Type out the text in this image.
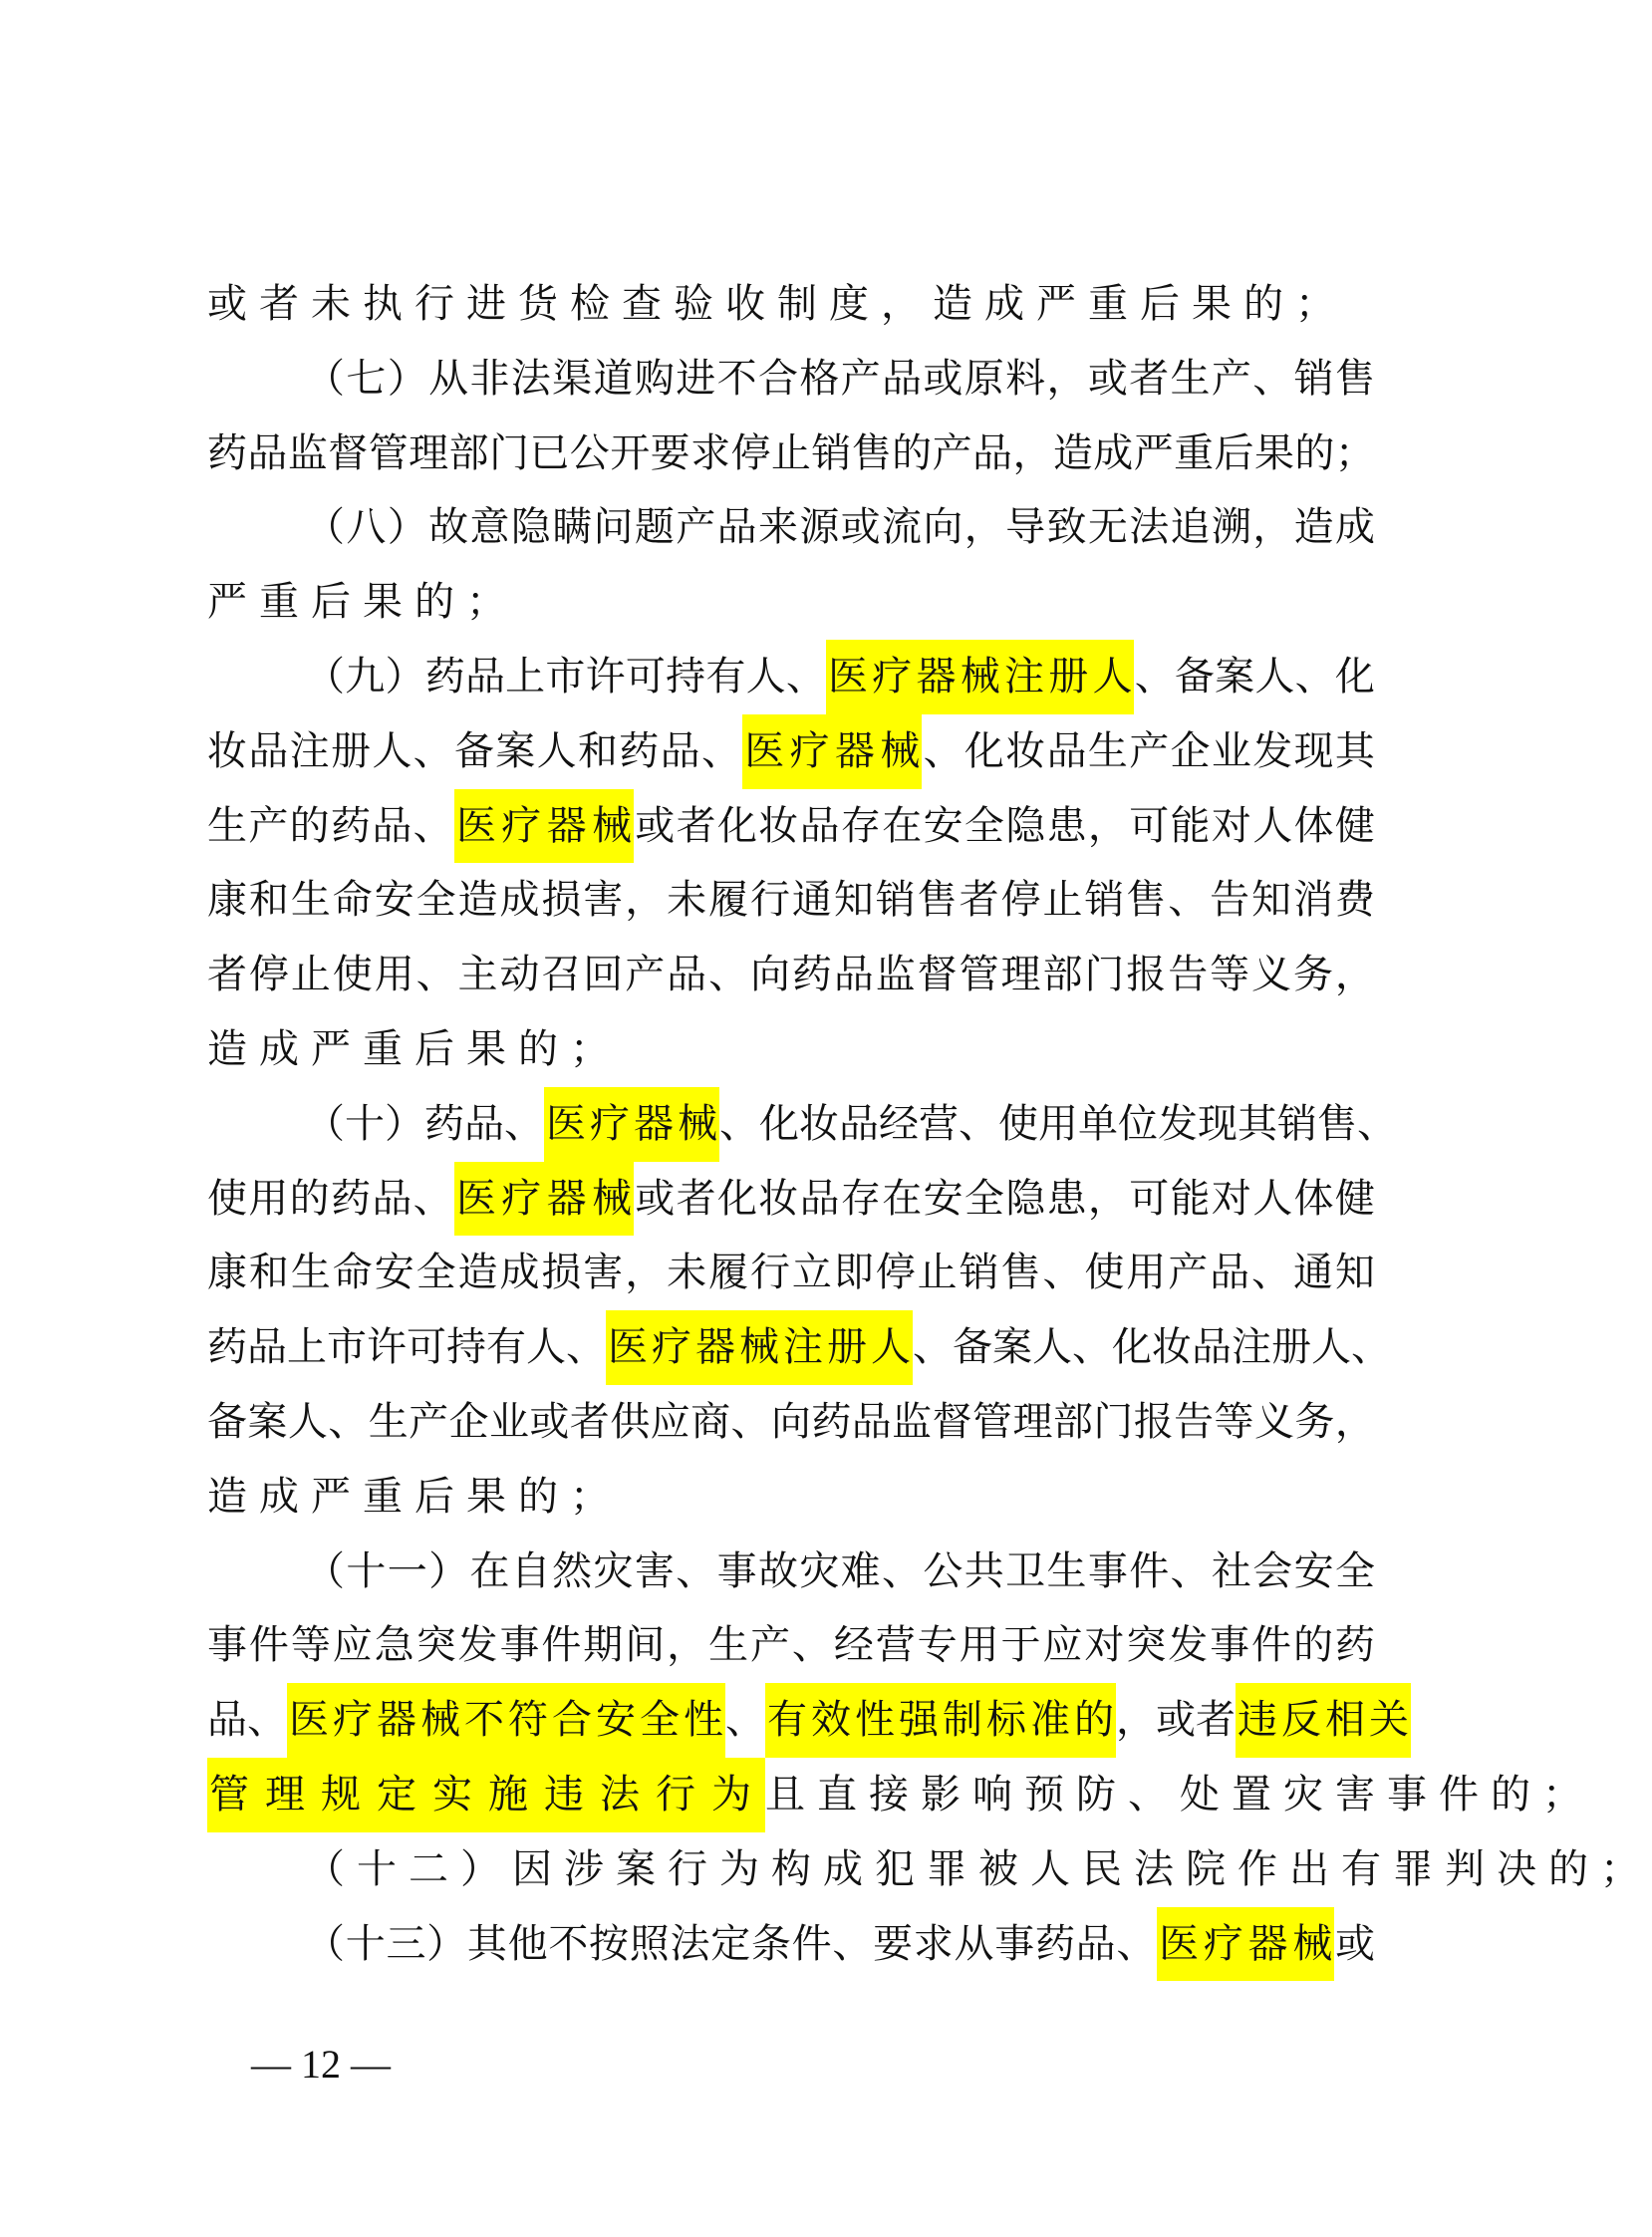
或 者 未 执 行 进 货 检 查 验 收 制 度 ， 造 成 严 重 后 果 的 ；
（ 七 ） 从 非 法 渠 道 购 进 不 合 格 产 品 或 原 料 ， 或 者 生 产 、 销 售
药 品 监 督 管 理 部 门 已 公 开 要 求 停 止 销 售 的 产 品 ， 造 成 严 重 后 果 的 ；
（ 八 ） 故 意 隐 瞒 问 题 产 品 来 源 或 流 向 ， 导 致 无 法 追 溯 ， 造 成
严 重 后 果 的 ；
（ 九 ） 药 品 上 市 许 可 持 有 人 、 医 疗 器 械 注 册 人 、 备 案 人 、 化
妆 品 注 册 人 、 备 案 人 和 药 品 、 医 疗 器 械 、 化 妆 品 生 产 企 业 发 现 其
生 产 的 药 品 、 医 疗 器 械 或 者 化 妆 品 存 在 安 全 隐 患 ， 可 能 对 人 体 健
康 和 生 命 安 全 造 成 损 害 ， 未 履 行 通 知 销 售 者 停 止 销 售 、 告 知 消 费
者 停 止 使 用 、 主 动 召 回 产 品 、 向 药 品 监 督 管 理 部 门 报 告 等 义 务 ，
造 成 严 重 后 果 的 ；
（ 十 ） 药 品 、 医 疗 器 械 、 化 妆 品 经 营 、 使 用 单 位 发 现 其 销 售 、
使 用 的 药 品 、 医 疗 器 械 或 者 化 妆 品 存 在 安 全 隐 患 ， 可 能 对 人 体 健
康 和 生 命 安 全 造 成 损 害 ， 未 履 行 立 即 停 止 销 售 、 使 用 产 品 、 通 知
药 品 上 市 许 可 持 有 人 、 医 疗 器 械 注 册 人 、 备 案 人 、 化 妆 品 注 册 人 、
备 案 人 、 生 产 企 业 或 者 供 应 商 、 向 药 品 监 督 管 理 部 门 报 告 等 义 务 ，
造 成 严 重 后 果 的 ；
（ 十 一 ） 在 自 然 灾 害 、 事 故 灾 难 、 公 共 卫 生 事 件 、 社 会 安 全
事 件 等 应 急 突 发 事 件 期 间 ， 生 产 、 经 营 专 用 于 应 对 突 发 事 件 的 药
品 、 医 疗 器 械 不 符 合 安 全 性 、 有 效 性 强 制 标 准 的 ， 或 者 违 反 相 关
管 理 规 定 实 施 违 法 行 为 且 直 接 影 响 预 防 、 处 置 灾 害 事 件 的 ；
（ 十 二 ） 因 涉 案 行 为 构 成 犯 罪 被 人 民 法 院 作 出 有 罪 判 决 的 ；
（ 十 三 ） 其 他 不 按 照 法 定 条 件 、 要 求 从 事 药 品 、 医 疗 器 械 或
— 12 —
